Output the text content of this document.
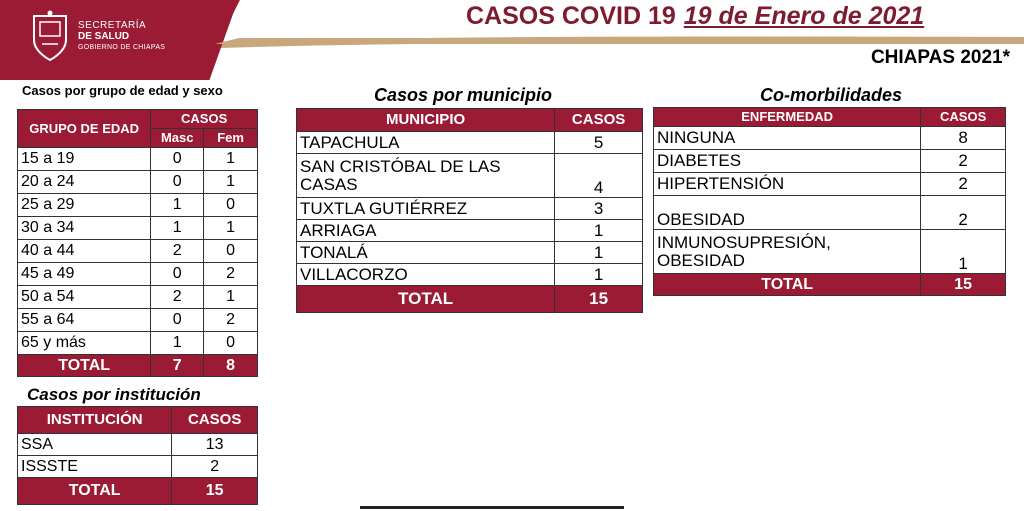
SECRETARÍA
DE SALUD
GOBIERNO DE CHIAPAS
CASOS COVID 19 19 de Enero de 2021
CHIAPAS 2021*
Casos por grupo de edad y sexo
GRUPO DE EDAD	CASOS	
	Masc	Fem
15 a 19	0	1
20 a 24	0	1
25 a 29	1	0
30 a 34	1	1
40 a 44	2	0
45 a 49	0	2
50 a 54	2	1
55 a 64	0	2
65 y más	1	0
TOTAL	7	8
Casos por institución
INSTITUCIÓN	CASOS
SSA	13
ISSSTE	2
TOTAL	15
Casos por municipio
MUNICIPIO	CASOS
TAPACHULA	5
SAN CRISTÓBAL DE LAS CASAS	4
TUXTLA GUTIÉRREZ	3
ARRIAGA	1
TONALÁ	1
VILLACORZO	1
TOTAL	15
Co-morbilidades
ENFERMEDAD	CASOS
NINGUNA	8
DIABETES	2
HIPERTENSIÓN	2
OBESIDAD	2
INMUNOSUPRESIÓN, OBESIDAD	1
TOTAL	15
